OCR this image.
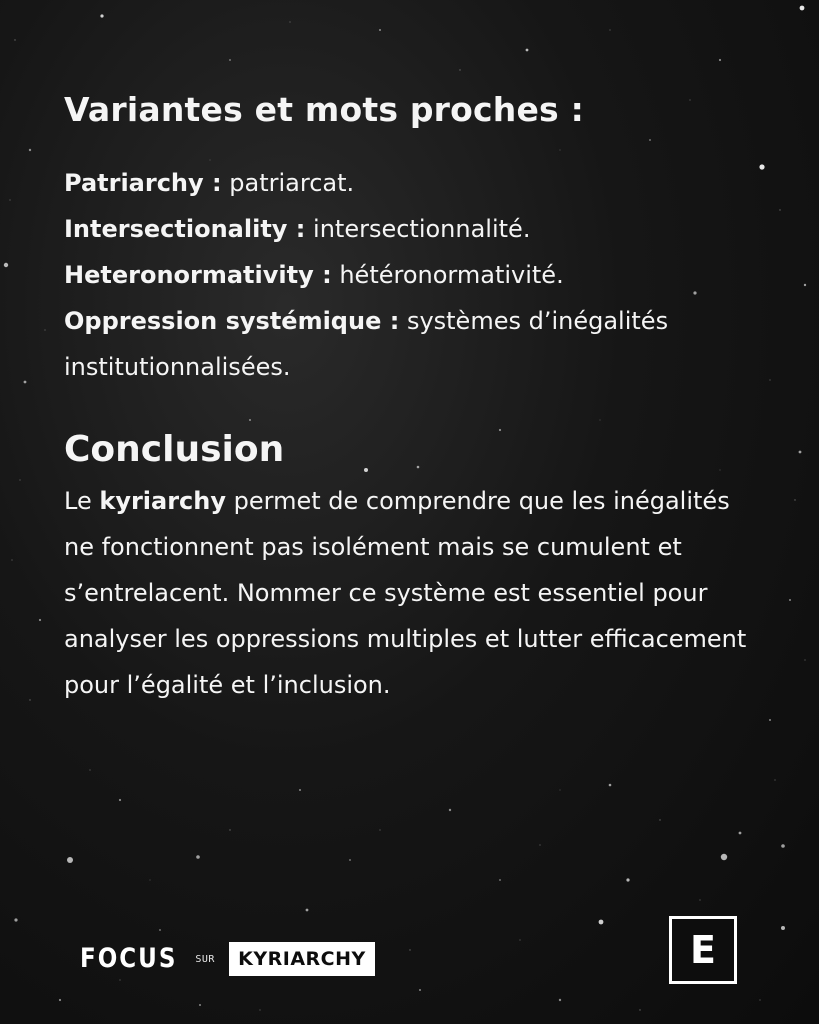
Variantes et mots proches :
Patriarchy : patriarcat.
Intersectionality : intersectionnalité.
Heteronormativity : hétéronormativité.
Oppression systémique : systèmes d’inégalités institutionnalisées.
Conclusion

Le kyriarchy permet de comprendre que les inégalités ne fonctionnent pas isolément mais se cumulent et s’entrelacent. Nommer ce système est essentiel pour analyser les oppressions multiples et lutter efficacement pour l’égalité et l’inclusion.

FOCUS SUR	KYRIARCHY	E
